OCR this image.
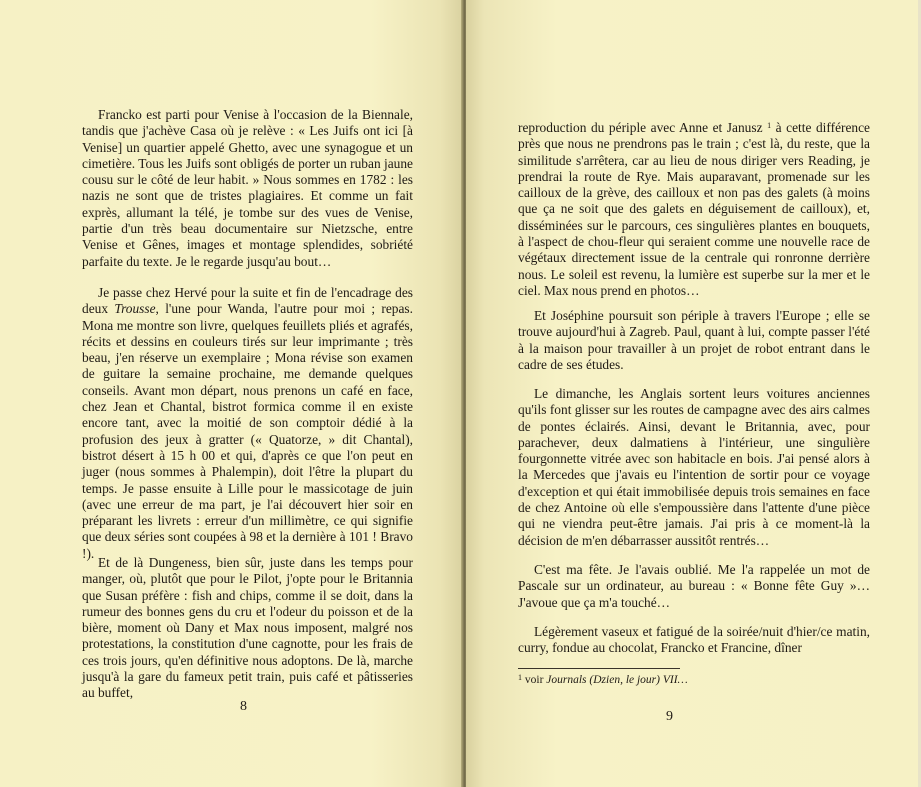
Francko est parti pour Venise à l'occasion de la Biennale, tandis que j'achève Casa où je relève : « Les Juifs ont ici [à Venise] un quartier appelé Ghetto, avec une synagogue et un cimetière. Tous les Juifs sont obligés de porter un ruban jaune cousu sur le côté de leur habit. » Nous sommes en 1782 : les nazis ne sont que de tristes plagiaires. Et comme un fait exprès, allumant la télé, je tombe sur des vues de Venise, partie d'un très beau documentaire sur Nietzsche, entre Venise et Gênes, images et montage splendides, sobriété parfaite du texte. Je le regarde jusqu'au bout…

Je passe chez Hervé pour la suite et fin de l'encadrage des deux Trousse, l'une pour Wanda, l'autre pour moi ; repas. Mona me montre son livre, quelques feuillets pliés et agrafés, récits et dessins en couleurs tirés sur leur imprimante ; très beau, j'en réserve un exemplaire ; Mona révise son examen de guitare la semaine prochaine, me demande quelques conseils. Avant mon départ, nous prenons un café en face, chez Jean et Chantal, bistrot formica comme il en existe encore tant, avec la moitié de son comptoir dédié à la profusion des jeux à gratter (« Quatorze, » dit Chantal), bistrot désert à 15 h 00 et qui, d'après ce que l'on peut en juger (nous sommes à Phalempin), doit l'être la plupart du temps. Je passe ensuite à Lille pour le massicotage de juin (avec une erreur de ma part, je l'ai découvert hier soir en préparant les livrets : erreur d'un millimètre, ce qui signifie que deux séries sont coupées à 98 et la dernière à 101 ! Bravo !).

Et de là Dungeness, bien sûr, juste dans les temps pour manger, où, plutôt que pour le Pilot, j'opte pour le Britannia que Susan préfère : fish and chips, comme il se doit, dans la rumeur des bonnes gens du cru et l'odeur du poisson et de la bière, moment où Dany et Max nous imposent, malgré nos protestations, la constitution d'une cagnotte, pour les frais de ces trois jours, qu'en définitive nous adoptons. De là, marche jusqu'à la gare du fameux petit train, puis café et pâtisseries au buffet,

8

reproduction du périple avec Anne et Janusz $^1$ à cette différence près que nous ne prendrons pas le train ; c'est là, du reste, que la similitude s'arrêtera, car au lieu de nous diriger vers Reading, je prendrai la route de Rye. Mais auparavant, promenade sur les cailloux de la grève, des cailloux et non pas des galets (à moins que ça ne soit que des galets en déguisement de cailloux), et, disséminées sur le parcours, ces singulières plantes en bouquets, à l'aspect de chou-fleur qui seraient comme une nouvelle race de végétaux directement issue de la centrale qui ronronne derrière nous. Le soleil est revenu, la lumière est superbe sur la mer et le ciel. Max nous prend en photos…

Et Joséphine poursuit son périple à travers l'Europe ; elle se trouve aujourd'hui à Zagreb. Paul, quant à lui, compte passer l'été à la maison pour travailler à un projet de robot entrant dans le cadre de ses études.

Le dimanche, les Anglais sortent leurs voitures anciennes qu'ils font glisser sur les routes de campagne avec des airs calmes de pontes éclairés. Ainsi, devant le Britannia, avec, pour parachever, deux dalmatiens à l'intérieur, une singulière fourgonnette vitrée avec son habitacle en bois. J'ai pensé alors à la Mercedes que j'avais eu l'intention de sortir pour ce voyage d'exception et qui était immobilisée depuis trois semaines en face de chez Antoine où elle s'empoussière dans l'attente d'une pièce qui ne viendra peut-être jamais. J'ai pris à ce moment-là la décision de m'en débarrasser aussitôt rentrés…

C'est ma fête. Je l'avais oublié. Me l'a rappelée un mot de Pascale sur un ordinateur, au bureau : « Bonne fête Guy »… J'avoue que ça m'a touché…

Légèrement vaseux et fatigué de la soirée/nuit d'hier/ce matin, curry, fondue au chocolat, Francko et Francine, dîner

$^1$ voir Journals (Dzien, le jour) VII…

9
